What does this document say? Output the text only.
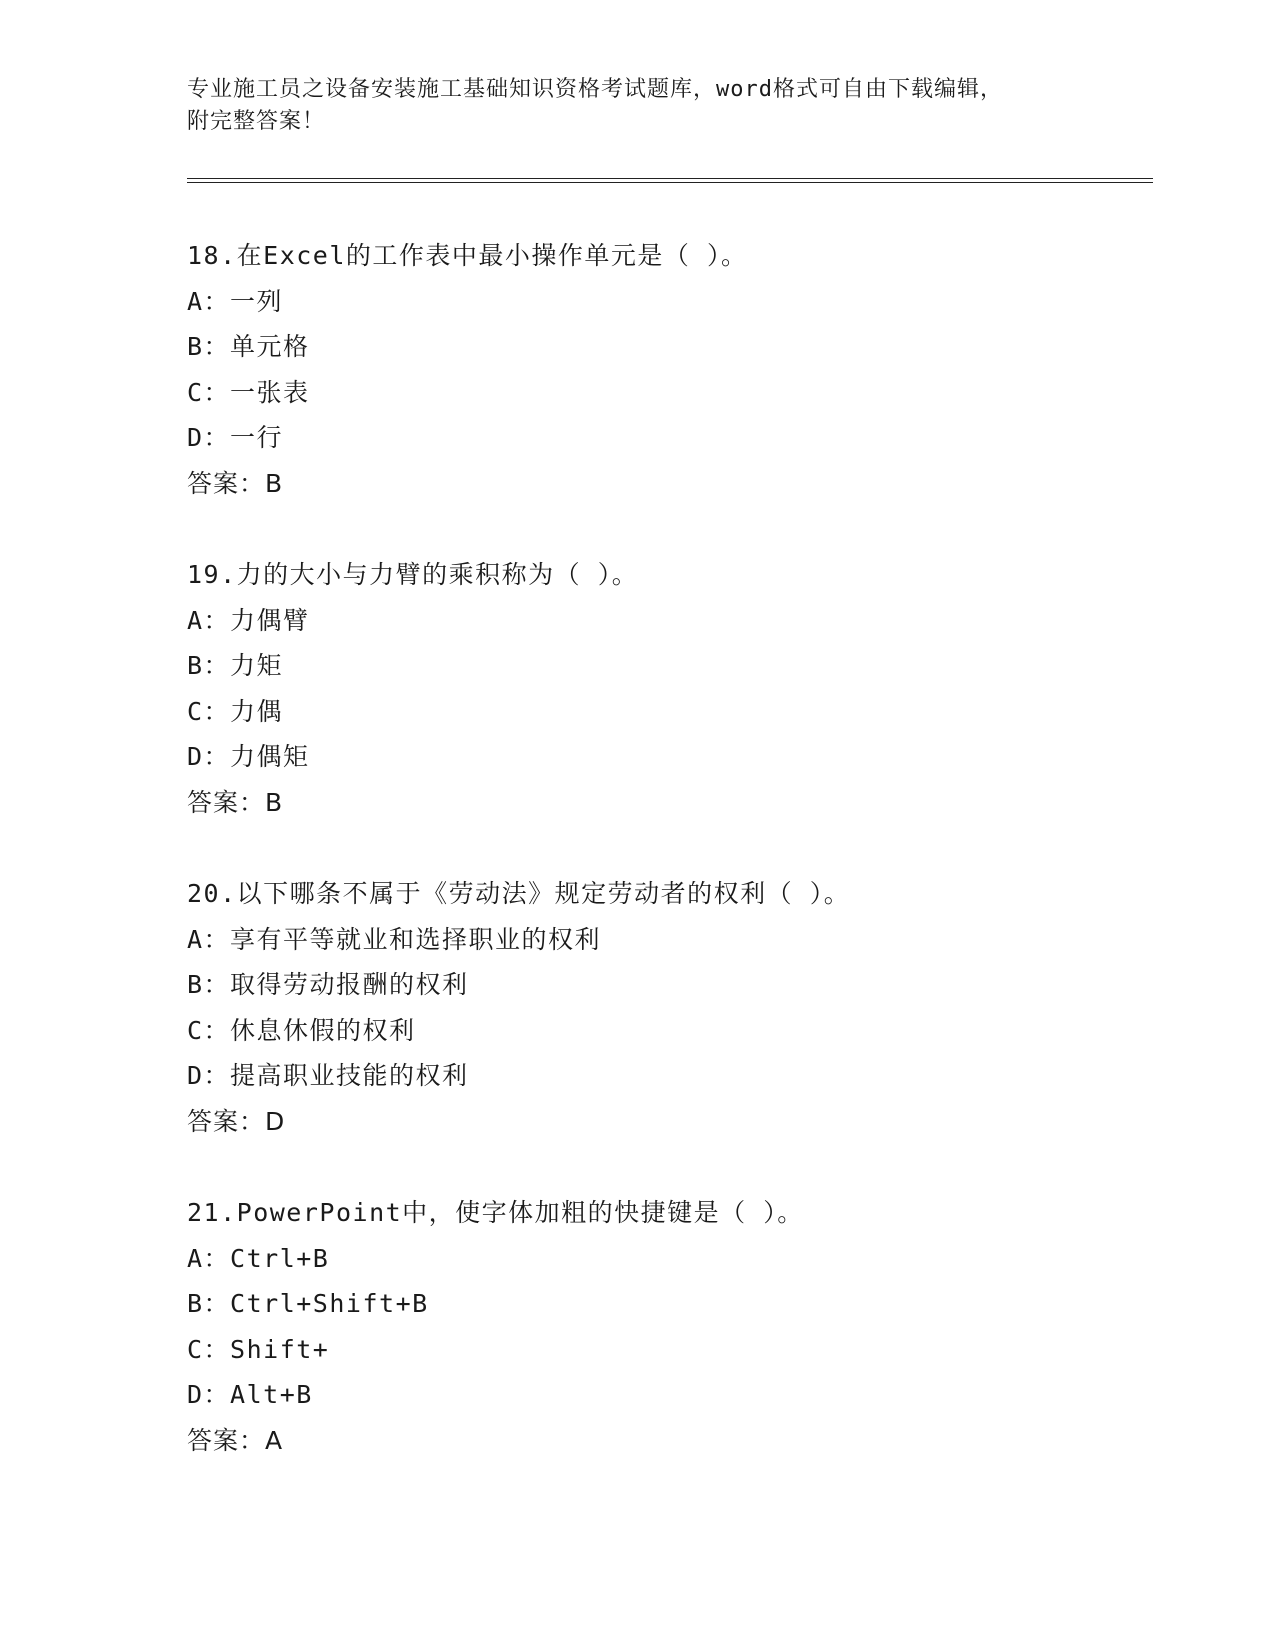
专业施工员之设备安装施工基础知识资格考试题库，word格式可自由下载编辑，
附完整答案！
18.在Excel的工作表中最小操作单元是（ ）。
A：一列
B：单元格
C：一张表
D：一行
答案：B
19.力的大小与力臂的乘积称为（ ）。
A：力偶臂
B：力矩
C：力偶
D：力偶矩
答案：B
20.以下哪条不属于《劳动法》规定劳动者的权利（ ）。
A：享有平等就业和选择职业的权利
B：取得劳动报酬的权利
C：休息休假的权利
D：提高职业技能的权利
答案：D
21.PowerPoint中，使字体加粗的快捷键是（ ）。
A：Ctrl+B
B：Ctrl+Shift+B
C：Shift+
D：Alt+B
答案：A
